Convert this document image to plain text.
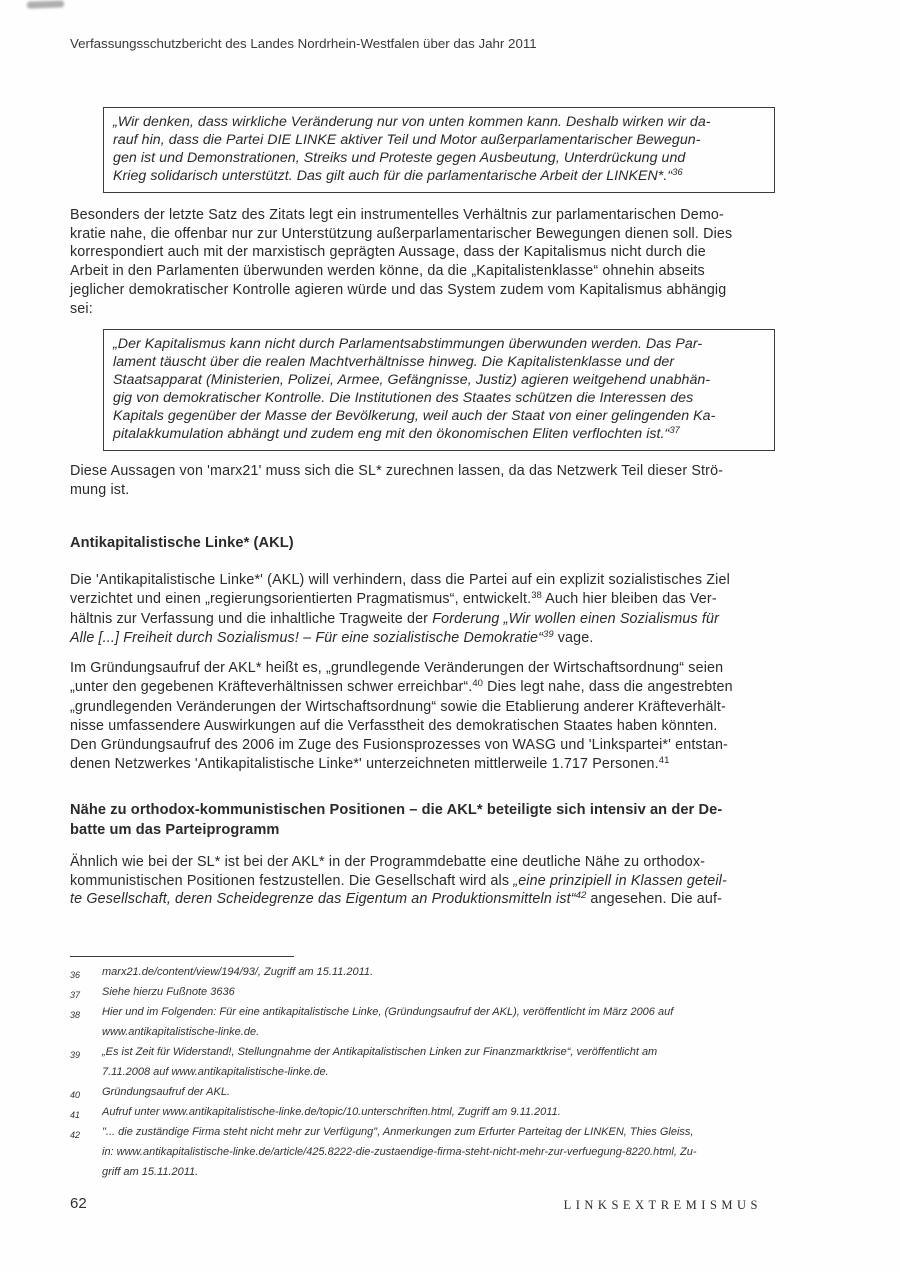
Verfassungsschutzbericht des Landes Nordrhein-Westfalen über das Jahr 2011
„Wir denken, dass wirkliche Veränderung nur von unten kommen kann. Deshalb wirken wir da-
rauf hin, dass die Partei DIE LINKE aktiver Teil und Motor außerparlamentarischer Bewegun-
gen ist und Demonstrationen, Streiks und Proteste gegen Ausbeutung, Unterdrückung und
Krieg solidarisch unterstützt. Das gilt auch für die parlamentarische Arbeit der LINKEN*.“$^{36}$
Besonders der letzte Satz des Zitats legt ein instrumentelles Verhältnis zur parlamentarischen Demo-
kratie nahe, die offenbar nur zur Unterstützung außerparlamentarischer Bewegungen dienen soll. Dies
korrespondiert auch mit der marxistisch geprägten Aussage, dass der Kapitalismus nicht durch die
Arbeit in den Parlamenten überwunden werden könne, da die „Kapitalistenklasse“ ohnehin abseits
jeglicher demokratischer Kontrolle agieren würde und das System zudem vom Kapitalismus abhängig
sei:
„Der Kapitalismus kann nicht durch Parlamentsabstimmungen überwunden werden. Das Par-
lament täuscht über die realen Machtverhältnisse hinweg. Die Kapitalistenklasse und der
Staatsapparat (Ministerien, Polizei, Armee, Gefängnisse, Justiz) agieren weitgehend unabhän-
gig von demokratischer Kontrolle. Die Institutionen des Staates schützen die Interessen des
Kapitals gegenüber der Masse der Bevölkerung, weil auch der Staat von einer gelingenden Ka-
pitalakkumulation abhängt und zudem eng mit den ökonomischen Eliten verflochten ist.“$^{37}$
Diese Aussagen von 'marx21' muss sich die SL* zurechnen lassen, da das Netzwerk Teil dieser Strö-
mung ist.
Antikapitalistische Linke* (AKL)
Die 'Antikapitalistische Linke*' (AKL) will verhindern, dass die Partei auf ein explizit sozialistisches Ziel
verzichtet und einen „regierungsorientierten Pragmatismus“, entwickelt.$^{38}$ Auch hier bleiben das Ver-
hältnis zur Verfassung und die inhaltliche Tragweite der Forderung „Wir wollen einen Sozialismus für
Alle [...] Freiheit durch Sozialismus! – Für eine sozialistische Demokratie“$^{39}$ vage.
Im Gründungsaufruf der AKL* heißt es, „grundlegende Veränderungen der Wirtschaftsordnung“ seien
„unter den gegebenen Kräfteverhältnissen schwer erreichbar“.$^{40}$ Dies legt nahe, dass die angestrebten
„grundlegenden Veränderungen der Wirtschaftsordnung“ sowie die Etablierung anderer Kräfteverhält-
nisse umfassendere Auswirkungen auf die Verfasstheit des demokratischen Staates haben könnten.
Den Gründungsaufruf des 2006 im Zuge des Fusionsprozesses von WASG und 'Linkspartei*' entstan-
denen Netzwerkes 'Antikapitalistische Linke*' unterzeichneten mittlerweile 1.717 Personen.$^{41}$
Nähe zu orthodox-kommunistischen Positionen – die AKL* beteiligte sich intensiv an der De-
batte um das Parteiprogramm
Ähnlich wie bei der SL* ist bei der AKL* in der Programmdebatte eine deutliche Nähe zu orthodox-
kommunistischen Positionen festzustellen. Die Gesellschaft wird als „eine prinzipiell in Klassen geteil-
te Gesellschaft, deren Scheidegrenze das Eigentum an Produktionsmitteln ist“$^{42}$ angesehen. Die auf-
36 marx21.de/content/view/194/93/, Zugriff am 15.11.2011.
37 Siehe hierzu Fußnote 3636
38 Hier und im Folgenden: Für eine antikapitalistische Linke, (Gründungsaufruf der AKL), veröffentlicht im März 2006 auf
www.antikapitalistische-linke.de.
39 „Es ist Zeit für Widerstand!, Stellungnahme der Antikapitalistischen Linken zur Finanzmarktkrise“, veröffentlicht am
7.11.2008 auf www.antikapitalistische-linke.de.
40 Gründungsaufruf der AKL.
41 Aufruf unter www.antikapitalistische-linke.de/topic/10.unterschriften.html, Zugriff am 9.11.2011.
42 "... die zuständige Firma steht nicht mehr zur Verfügung", Anmerkungen zum Erfurter Parteitag der LINKEN, Thies Gleiss,
in: www.antikapitalistische-linke.de/article/425.8222-die-zustaendige-firma-steht-nicht-mehr-zur-verfuegung-8220.html, Zu-
griff am 15.11.2011.
62	LINKSEXTREMISMUS
